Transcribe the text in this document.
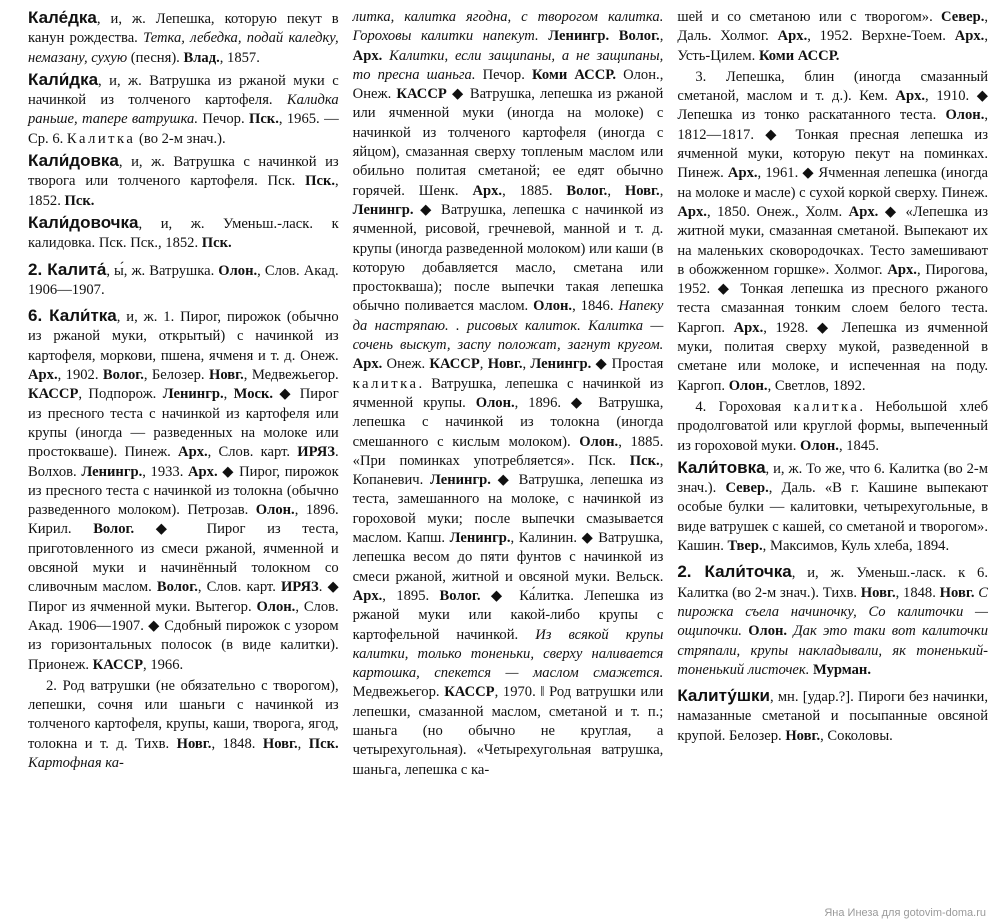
Кале́дка, и, ж. Лепешка, которую пекут в канун рождества. Тетка, лебедка, подай каледку, немазану, сухую (песня). Влад., 1857.

Кали́дка, и, ж. Ватрушка из ржаной муки с начинкой из толченого картофеля. Калидка раньше, тапере ватрушка. Печор. Пск., 1965. — Ср. 6. Калитка (во 2-м знач.).

Кали́довка, и, ж. Ватрушка с начинкой из творога или толченого картофеля. Пск. Пск., 1852. Пск.

Кали́довочка, и, ж. Уменьш.-ласк. к калидовка. Пск. Пск., 1852. Пск.

2. Калита́, ы́, ж. Ватрушка. Олон., Слов. Акад. 1906—1907.

6. Кали́тка, и, ж. 1. Пирог, пирожок (обычно из ржаной муки, открытый) с начинкой из картофеля, моркови, пшена, ячменя и т. д. Онеж. Арх., 1902. Волог., Белозер. Новг., Медвежьегор. КАССР, Подпорож. Ленингр., Моск. ◆ Пирог из пресного теста с начинкой из картофеля или крупы (иногда — разведенных на молоке или простокваше). Пинеж. Арх., Слов. карт. ИРЯЗ. Волхов. Ленингр., 1933. Арх. ◆ Пирог, пирожок из пресного теста с начинкой из толокна (обычно разведенного молоком). Петрозав. Олон., 1896. Кирил. Волог. ◆ Пирог из теста, приготовленного из смеси ржаной, ячменной и овсяной муки и начинённый толокном со сливочным маслом. Волог., Слов. карт. ИРЯЗ. ◆ Пирог из ячменной муки. Вытегор. Олон., Слов. Акад. 1906—1907. ◆ Сдобный пирожок с узором из горизонтальных полосок (в виде калитки). Прионеж. КАССР, 1966.

2. Род ватрушки (не обязательно с творогом), лепешки, сочня или шаньги с начинкой из толченого картофеля, крупы, каши, творога, ягод, толокна и т. д. Тихв. Новг., 1848. Новг., Пск. Картофная ка-

литка, калитка ягодна, с творогом калитка. Гороховы калитки напекут. Ленингр. Волог., Арх. Калитки, если защипаны, а не защипаны, то пресна шаньга. Печор. Коми АССР. Олон., Онеж. КАССР ◆ Ватрушка, лепешка из ржаной или ячменной муки (иногда на молоке) с начинкой из толченого картофеля (иногда с яйцом), смазанная сверху топленым маслом или обильно политая сметаной; ее едят обычно горячей. Шенк. Арх., 1885. Волог., Новг., Ленингр. ◆ Ватрушка, лепешка с начинкой из ячменной, рисовой, гречневой, манной и т. д. крупы (иногда разведенной молоком) или каши (в которую добавляется масло, сметана или простокваша); после выпечки такая лепешка обычно поливается маслом. Олон., 1846. Напеку да настряпаю. . рисовых калиток. Калитка — сочень выскут, заспу положат, загнут кругом. Арх. Онеж. КАССР, Новг., Ленингр. ◆ Простая калитка. Ватрушка, лепешка с начинкой из ячменной крупы. Олон., 1896. ◆ Ватрушка, лепешка с начинкой из толокна (иногда смешанного с кислым молоком). Олон., 1885. «При поминках употребляется». Пск. Пск., Копаневич. Ленингр. ◆ Ватрушка, лепешка из теста, замешанного на молоке, с начинкой из гороховой муки; после выпечки смазывается маслом. Капш. Ленингр., Калинин. ◆ Ватрушка, лепешка весом до пяти фунтов с начинкой из смеси ржаной, житной и овсяной муки. Вельск. Арх., 1895. Волог. ◆ Ка́литка. Лепешка из ржаной муки или какой-либо крупы с картофельной начинкой. Из всякой крупы калитки, только тоненьки, сверху наливается картошка, спекется — маслом смажется. Медвежьегор. КАССР, 1970. ‖ Род ватрушки или лепешки, смазанной маслом, сметаной и т. п.; шаньга (но обычно не круглая, а четырехугольная). «Четырехугольная ватрушка, шаньга, лепешка с ка-

шей и со сметаною или с творогом». Север., Даль. Холмог. Арх., 1952. Верхне-Тоем. Арх., Усть-Цилем. Коми АССР.

3. Лепешка, блин (иногда смазанный сметаной, маслом и т. д.). Кем. Арх., 1910. ◆ Лепешка из тонко раскатанного теста. Олон., 1812—1817. ◆ Тонкая пресная лепешка из ячменной муки, которую пекут на поминках. Пинеж. Арх., 1961. ◆ Ячменная лепешка (иногда на молоке и масле) с сухой коркой сверху. Пинеж. Арх., 1850. Онеж., Холм. Арх. ◆ «Лепешка из житной муки, смазанная сметаной. Выпекают их на маленьких сковородочках. Тесто замешивают в обожженном горшке». Холмог. Арх., Пирогова, 1952. ◆ Тонкая лепешка из пресного ржаного теста смазанная тонким слоем белого теста. Каргоп. Арх., 1928. ◆ Лепешка из ячменной муки, политая сверху мукой, разведенной в сметане или молоке, и испеченная на поду. Каргоп. Олон., Светлов, 1892.

4. Гороховая калитка. Небольшой хлеб продолговатой или круглой формы, выпеченный из гороховой муки. Олон., 1845.

Кали́товка, и, ж. То же, что 6. Калитка (во 2-м знач.). Север., Даль. «В г. Кашине выпекают особые булки — калитовки, четырехугольные, в виде ватрушек с кашей, со сметаной и творогом». Кашин. Твер., Максимов, Куль хлеба, 1894.

2. Кали́точка, и, ж. Уменьш.-ласк. к 6. Калитка (во 2-м знач.). Тихв. Новг., 1848. Новг. С пирожка съела начиночку, Со калиточки — ощипочки. Олон. Дак это таки вот калиточки стряпали, крупы накладывали, як тоненький-тоненький листочек. Мурман.

Калиту́шки, мн. [удар.?]. Пироги без начинки, намазанные сметаной и посыпанные овсяной крупой. Белозер. Новг., Соколовы.

Яна Инеза для gotovim-doma.ru
